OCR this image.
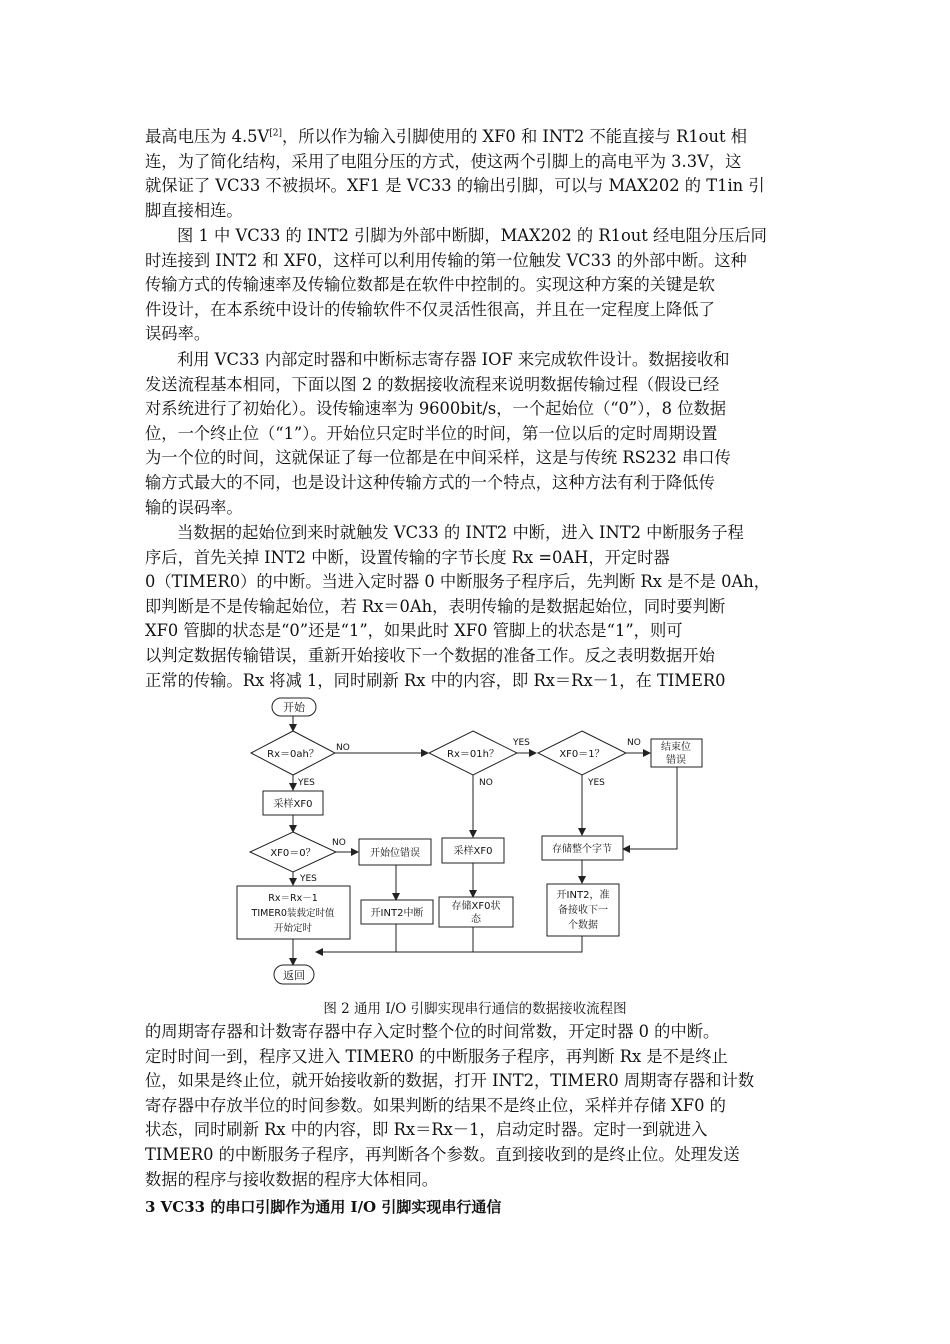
最高电压为 4.5V[2]，所以作为输入引脚使用的 XF0 和 INT2 不能直接与 R1out 相
连，为了简化结构，采用了电阻分压的方式，使这两个引脚上的高电平为 3.3V，这
就保证了 VC33 不被损坏。XF1 是 VC33 的输出引脚，可以与 MAX202 的 T1in 引
脚直接相连。

图 1 中 VC33 的 INT2 引脚为外部中断脚，MAX202 的 R1out 经电阻分压后同
时连接到 INT2 和 XF0，这样可以利用传输的第一位触发 VC33 的外部中断。这种
传输方式的传输速率及传输位数都是在软件中控制的。实现这种方案的关键是软
件设计，在本系统中设计的传输软件不仅灵活性很高，并且在一定程度上降低了
误码率。

利用 VC33 内部定时器和中断标志寄存器 IOF 来完成软件设计。数据接收和
发送流程基本相同，下面以图 2 的数据接收流程来说明数据传输过程（假设已经
对系统进行了初始化）。设传输速率为 9600bit/s，一个起始位（“0”），8 位数据
位，一个终止位（“1”）。开始位只定时半位的时间，第一位以后的定时周期设置
为一个位的时间，这就保证了每一位都是在中间采样，这是与传统 RS232 串口传
输方式最大的不同，也是设计这种传输方式的一个特点，这种方法有利于降低传
输的误码率。

当数据的起始位到来时就触发 VC33 的 INT2 中断，进入 INT2 中断服务子程
序后，首先关掉 INT2 中断，设置传输的字节长度 Rx =0AH，开定时器
0（TIMER0）的中断。当进入定时器 0 中断服务子程序后，先判断 Rx 是不是 0Ah，
即判断是不是传输起始位，若 Rx＝0Ah，表明传输的是数据起始位，同时要判断
XF0 管脚的状态是“0”还是“1”，如果此时 XF0 管脚上的状态是“1”，则可
以判定数据传输错误，重新开始接收下一个数据的准备工作。反之表明数据开始
正常的传输。Rx 将减 1，同时刷新 Rx 中的内容，即 Rx＝Rx－1，在 TIMER0

开始
Rx＝0ah？
NO
YES
采样XF0
XF0＝0？
NO
YES
开始位错误
Rx＝Rx－1
TIMER0装载定时值
开始定时
开INT2中断
Rx＝01h？
YES
NO
采样XF0
存储XF0状
态
XF0＝1？
NO
YES
结束位
错误
存储整个字节
开INT2，准
备接收下一
个数据
返回
图 2 通用 I/O 引脚实现串行通信的数据接收流程图

的周期寄存器和计数寄存器中存入定时整个位的时间常数，开定时器 0 的中断。
定时时间一到，程序又进入 TIMER0 的中断服务子程序，再判断 Rx 是不是终止
位，如果是终止位，就开始接收新的数据，打开 INT2，TIMER0 周期寄存器和计数
寄存器中存放半位的时间参数。如果判断的结果不是终止位，采样并存储 XF0 的
状态，同时刷新 Rx 中的内容，即 Rx＝Rx－1，启动定时器。定时一到就进入
TIMER0 的中断服务子程序，再判断各个参数。直到接收到的是终止位。处理发送
数据的程序与接收数据的程序大体相同。

3 VC33 的串口引脚作为通用 I/O 引脚实现串行通信
